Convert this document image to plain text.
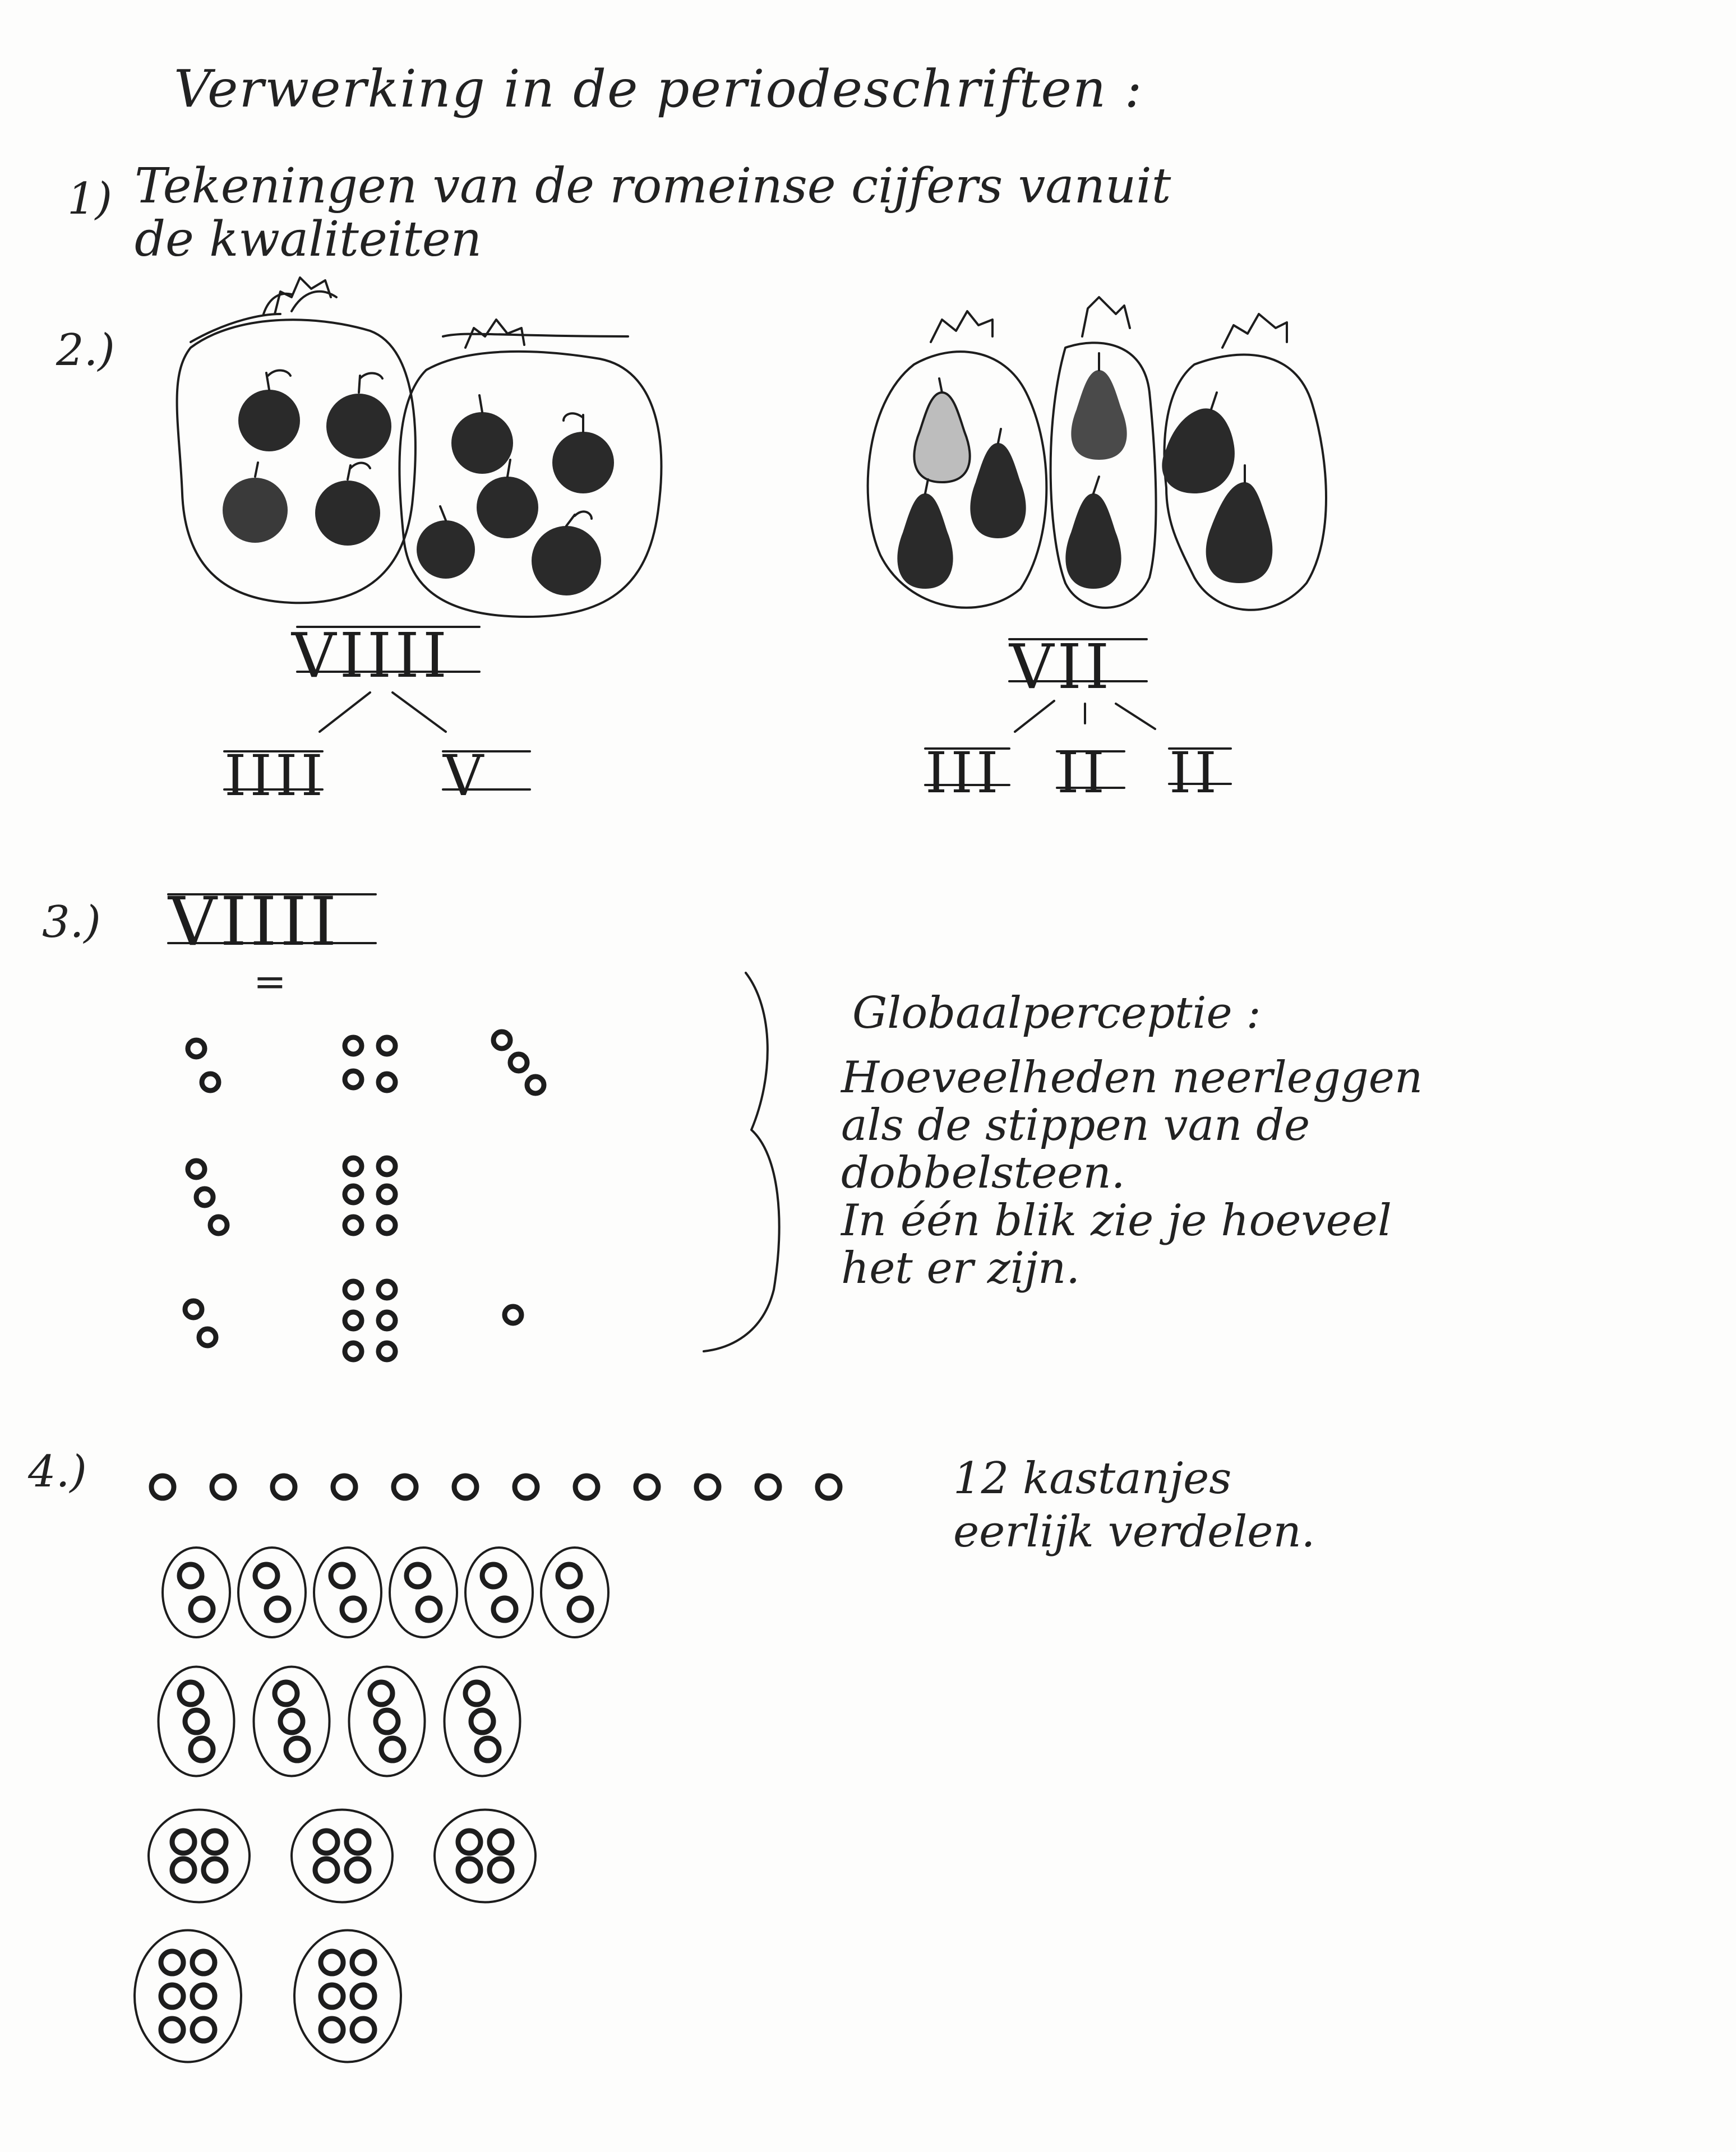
Verwerking in de periodeschriften :
1) Tekeningen van de romeinse cijfers vanuit
de kwaliteiten
2.)
VIIII
IIII V
VII
III II II
3.) VIIII
=
Globaalperceptie :
Hoeveelheden neerleggen
als de stippen van de
dobbelsteen.
In één blik zie je hoeveel
het er zijn.
4.)	12 kastanjes
eerlijk verdelen.
